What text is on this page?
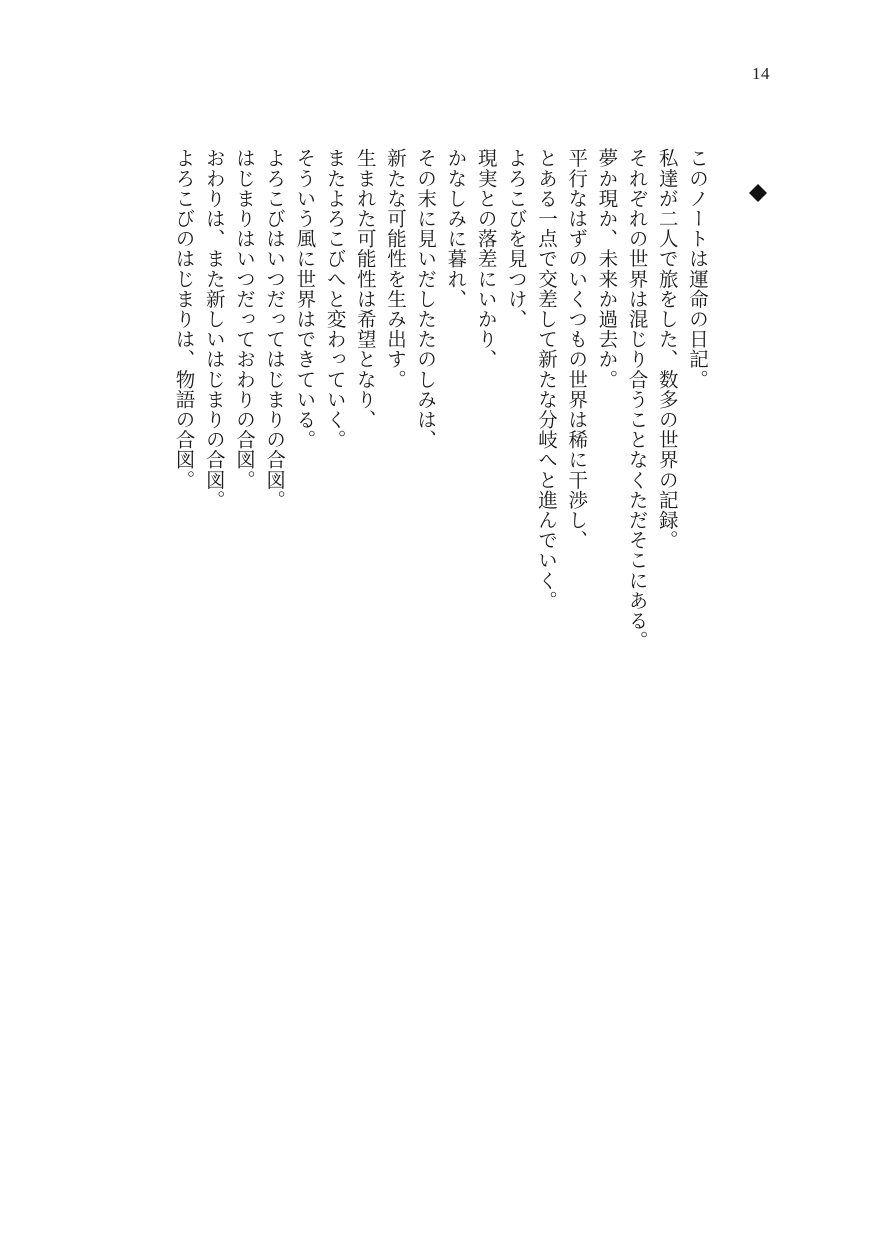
14
このノートは運命の日記。
私達が二人で旅をした、数多の世界の記録。
それぞれの世界は混じり合うことなくただそこにある。
夢か現か、未来か過去か。
平行なはずのいくつもの世界は稀に干渉し、
とある一点で交差して新たな分岐へと進んでいく。
よろこびを見つけ、
現実との落差にいかり、
かなしみに暮れ、
その末に見いだしたたのしみは、
新たな可能性を生み出す。
生まれた可能性は希望となり、
またよろこびへと変わっていく。
そういう風に世界はできている。
よろこびはいつだってはじまりの合図。
はじまりはいつだっておわりの合図。
おわりは、また新しいはじまりの合図。
よろこびのはじまりは、物語の合図。
